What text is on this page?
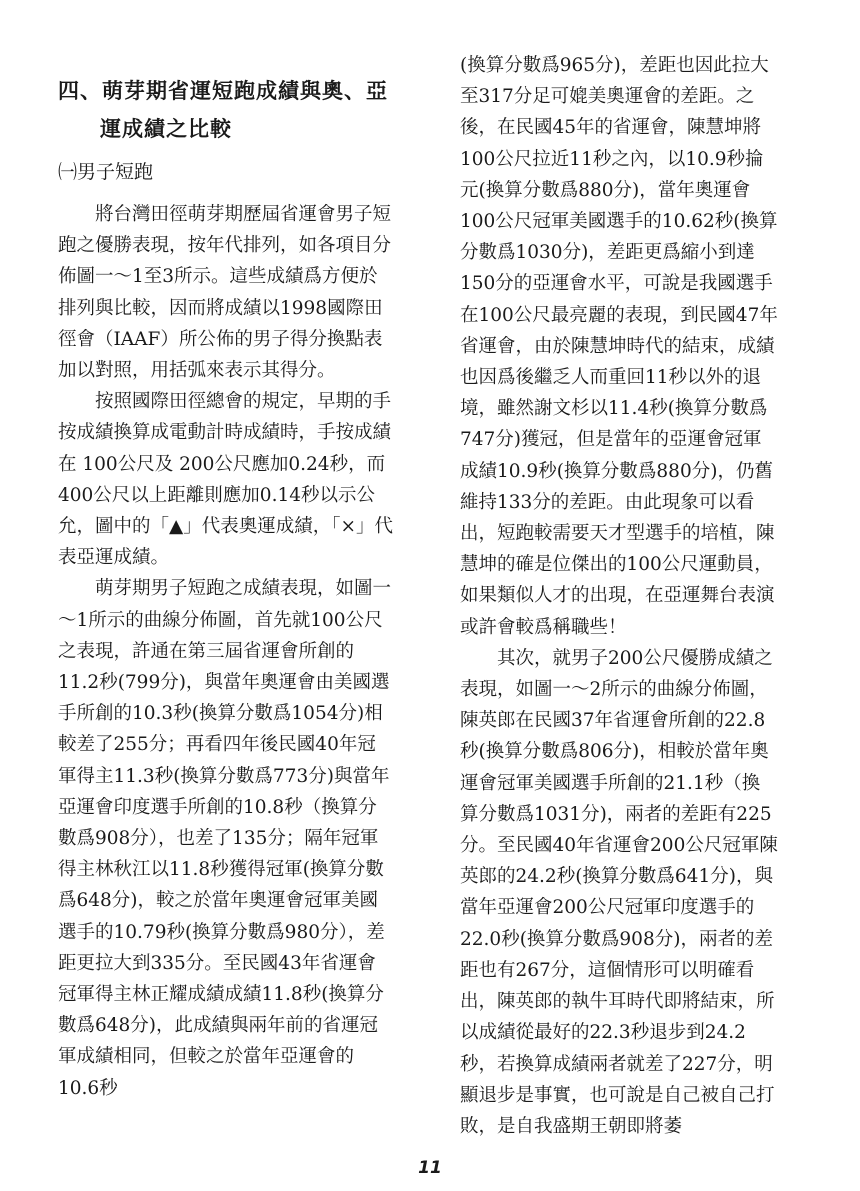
四、萌芽期省運短跑成績與奧、亞
運成績之比較
㈠男子短跑

將台灣田徑萌芽期歷屆省運會男子短跑之優勝表現，按年代排列，如各項目分佈圖一～1至3所示。這些成績爲方便於排列與比較，因而將成績以1998國際田徑會（IAAF）所公佈的男子得分換點表加以對照，用括弧來表示其得分。

按照國際田徑總會的規定，早期的手按成績換算成電動計時成績時，手按成績在 100公尺及 200公尺應加0.24秒，而 400公尺以上距離則應加0.14秒以示公允，圖中的「▲」代表奧運成績，「×」代表亞運成績。

萌芽期男子短跑之成績表現，如圖一～1所示的曲線分佈圖，首先就100公尺之表現，許通在第三屆省運會所創的11.2秒(799分)，與當年奧運會由美國選手所創的10.3秒(換算分數爲1054分)相較差了255分；再看四年後民國40年冠軍得主11.3秒(換算分數爲773分)與當年亞運會印度選手所創的10.8秒（換算分數爲908分），也差了135分；隔年冠軍得主林秋江以11.8秒獲得冠軍(換算分數爲648分)，較之於當年奧運會冠軍美國選手的10.79秒(換算分數爲980分），差距更拉大到335分。至民國43年省運會冠軍得主林正耀成績成績11.8秒(換算分數爲648分)，此成績與兩年前的省運冠軍成績相同，但較之於當年亞運會的10.6秒

(換算分數爲965分)，差距也因此拉大至317分足可媲美奧運會的差距。之後，在民國45年的省運會，陳慧坤將100公尺拉近11秒之內，以10.9秒掄元(換算分數爲880分)，當年奧運會100公尺冠軍美國選手的10.62秒(換算分數爲1030分)，差距更爲縮小到達150分的亞運會水平，可說是我國選手在100公尺最亮麗的表現，到民國47年省運會，由於陳慧坤時代的結束，成績也因爲後繼乏人而重回11秒以外的退境，雖然謝文杉以11.4秒(換算分數爲747分)獲冠，但是當年的亞運會冠軍成績10.9秒(換算分數爲880分)，仍舊維持133分的差距。由此現象可以看出，短跑較需要天才型選手的培植，陳慧坤的確是位傑出的100公尺運動員，如果類似人才的出現，在亞運舞台表演或許會較爲稱職些！

其次，就男子200公尺優勝成績之表現，如圖一～2所示的曲線分佈圖，陳英郎在民國37年省運會所創的22.8秒(換算分數爲806分)，相較於當年奧運會冠軍美國選手所創的21.1秒（換算分數爲1031分)，兩者的差距有225分。至民國40年省運會200公尺冠軍陳英郎的24.2秒(換算分數爲641分)，與當年亞運會200公尺冠軍印度選手的22.0秒(換算分數爲908分)，兩者的差距也有267分，這個情形可以明確看出，陳英郎的執牛耳時代即將結束，所以成績從最好的22.3秒退步到24.2秒，若換算成績兩者就差了227分，明顯退步是事實，也可說是自己被自己打敗，是自我盛期王朝即將萎

11
